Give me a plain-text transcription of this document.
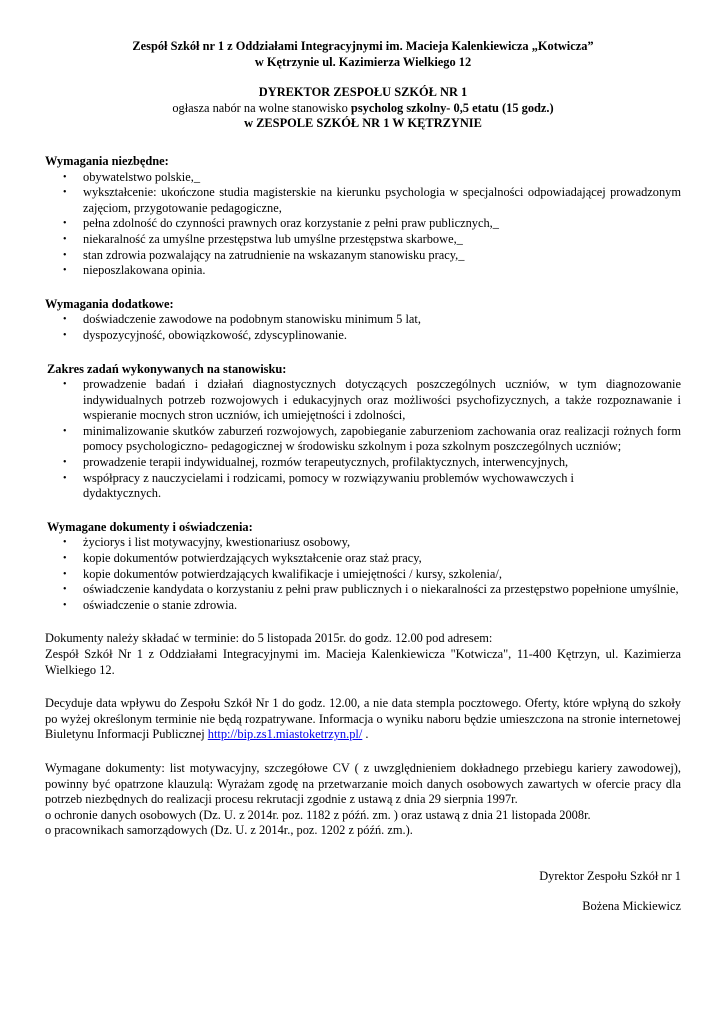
Zespół Szkół nr 1 z Oddziałami Integracyjnymi im. Macieja Kalenkiewicza „Kotwicza”
w Kętrzynie ul. Kazimierza Wielkiego 12
DYREKTOR ZESPOŁU SZKÓŁ NR 1
ogłasza nabór na wolne stanowisko psycholog szkolny- 0,5 etatu (15 godz.)
w ZESPOLE SZKÓŁ NR 1 W KĘTRZYNIE
Wymagania niezbędne:
• obywatelstwo polskie,_
• wykształcenie: ukończone studia magisterskie na kierunku psychologia w specjalności odpowiadającej prowadzonym zajęciom, przygotowanie pedagogiczne,
• pełna zdolność do czynności prawnych oraz korzystanie z pełni praw publicznych,_
• niekaralność za umyślne przestępstwa lub umyślne przestępstwa skarbowe,_
• stan zdrowia pozwalający na zatrudnienie na wskazanym stanowisku pracy,_
• nieposzlakowana opinia.
Wymagania dodatkowe:
• doświadczenie zawodowe na podobnym stanowisku minimum 5 lat,
• dyspozycyjność, obowiązkowość, zdyscyplinowanie.
Zakres zadań wykonywanych na stanowisku:
• prowadzenie badań i działań diagnostycznych dotyczących poszczególnych uczniów, w tym diagnozowanie indywidualnych potrzeb rozwojowych i edukacyjnych oraz możliwości psychofizycznych, a także rozpoznawanie i wspieranie mocnych stron uczniów, ich umiejętności i zdolności,
• minimalizowanie skutków zaburzeń rozwojowych, zapobieganie zaburzeniom zachowania oraz realizacji rożnych form pomocy psychologiczno- pedagogicznej w środowisku szkolnym i poza szkolnym poszczególnych uczniów;
• prowadzenie terapii indywidualnej, rozmów terapeutycznych, profilaktycznych, interwencyjnych,
• współpracy z nauczycielami i rodzicami, pomocy w rozwiązywaniu problemów wychowawczych i dydaktycznych.
Wymagane dokumenty i oświadczenia:
• życiorys i list motywacyjny, kwestionariusz osobowy,
• kopie dokumentów potwierdzających wykształcenie oraz staż pracy,
• kopie dokumentów potwierdzających kwalifikacje i umiejętności / kursy, szkolenia/,
• oświadczenie kandydata o korzystaniu z pełni praw publicznych i o niekaralności za przestępstwo popełnione umyślnie,
• oświadczenie o stanie zdrowia.

Dokumenty należy składać w terminie: do 5 listopada 2015r. do godz. 12.00 pod adresem:

Zespół Szkół Nr 1 z Oddziałami Integracyjnymi im. Macieja Kalenkiewicza "Kotwicza", 11-400 Kętrzyn, ul. Kazimierza Wielkiego 12.

Decyduje data wpływu do Zespołu Szkół Nr 1 do godz. 12.00, a nie data stempla pocztowego. Oferty, które wpłyną do szkoły po wyżej określonym terminie nie będą rozpatrywane. Informacja o wyniku naboru będzie umieszczona na stronie internetowej Biuletynu Informacji Publicznej http://bip.zs1.miastoketrzyn.pl/ .

Wymagane dokumenty: list motywacyjny, szczegółowe CV ( z uwzględnieniem dokładnego przebiegu kariery zawodowej), powinny być opatrzone klauzulą: Wyrażam zgodę na przetwarzanie moich danych osobowych zawartych w ofercie pracy dla potrzeb niezbędnych do realizacji procesu rekrutacji zgodnie z ustawą z dnia 29 sierpnia 1997r.

o ochronie danych osobowych (Dz. U. z 2014r. poz. 1182 z późń. zm. ) oraz ustawą z dnia 21 listopada 2008r.

o pracownikach samorządowych (Dz. U. z 2014r., poz. 1202 z późń. zm.).

Dyrektor Zespołu Szkół nr 1
Bożena Mickiewicz
